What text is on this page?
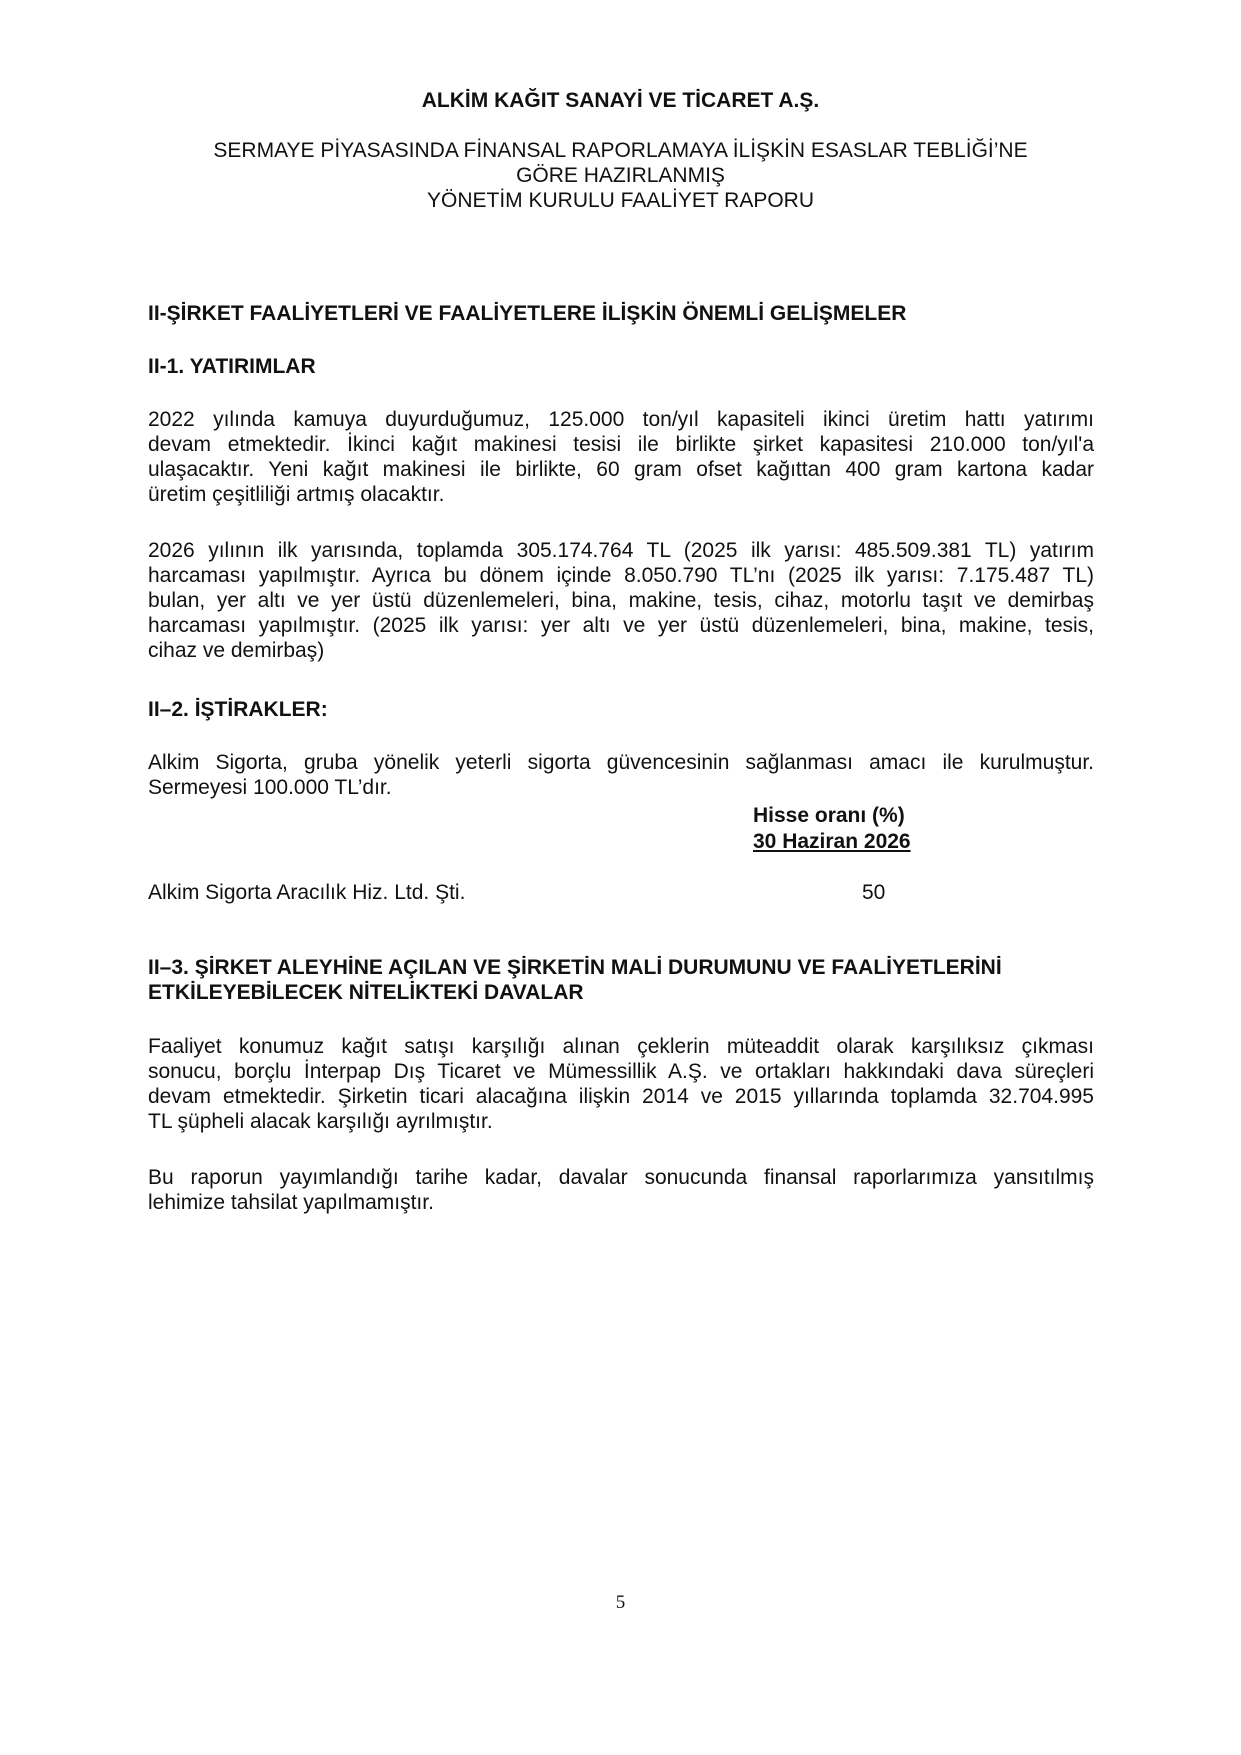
ALKİM KAĞIT SANAYİ VE TİCARET A.Ş.
SERMAYE PİYASASINDA FİNANSAL RAPORLAMAYA İLİŞKİN ESASLAR TEBLİĞİ’NE
GÖRE HAZIRLANMIŞ
YÖNETİM KURULU FAALİYET RAPORU
II-ŞİRKET FAALİYETLERİ VE FAALİYETLERE İLİŞKİN ÖNEMLİ GELİŞMELER
II-1. YATIRIMLAR
2022 yılında kamuya duyurduğumuz, 125.000 ton/yıl kapasiteli ikinci üretim hattı yatırımı
devam etmektedir. İkinci kağıt makinesi tesisi ile birlikte şirket kapasitesi 210.000 ton/yıl'a
ulaşacaktır. Yeni kağıt makinesi ile birlikte, 60 gram ofset kağıttan 400 gram kartona kadar
üretim çeşitliliği artmış olacaktır.
2026 yılının ilk yarısında, toplamda 305.174.764 TL (2025 ilk yarısı: 485.509.381 TL) yatırım
harcaması yapılmıştır. Ayrıca bu dönem içinde 8.050.790 TL’nı (2025 ilk yarısı: 7.175.487 TL)
bulan, yer altı ve yer üstü düzenlemeleri, bina, makine, tesis, cihaz, motorlu taşıt ve demirbaş
harcaması yapılmıştır. (2025 ilk yarısı: yer altı ve yer üstü düzenlemeleri, bina, makine, tesis,
cihaz ve demirbaş)
II–2. İŞTİRAKLER:
Alkim Sigorta, gruba yönelik yeterli sigorta güvencesinin sağlanması amacı ile kurulmuştur.
Sermeyesi 100.000 TL’dır.
Hisse oranı (%)
30 Haziran 2026
Alkim Sigorta Aracılık Hiz. Ltd. Şti.	50
II–3. ŞİRKET ALEYHİNE AÇILAN VE ŞİRKETİN MALİ DURUMUNU VE FAALİYETLERİNİ
ETKİLEYEBİLECEK NİTELİKTEKİ DAVALAR
Faaliyet konumuz kağıt satışı karşılığı alınan çeklerin müteaddit olarak karşılıksız çıkması
sonucu, borçlu İnterpap Dış Ticaret ve Mümessillik A.Ş. ve ortakları hakkındaki dava süreçleri
devam etmektedir. Şirketin ticari alacağına ilişkin 2014 ve 2015 yıllarında toplamda 32.704.995
TL şüpheli alacak karşılığı ayrılmıştır.
Bu raporun yayımlandığı tarihe kadar, davalar sonucunda finansal raporlarımıza yansıtılmış
lehimize tahsilat yapılmamıştır.
5
